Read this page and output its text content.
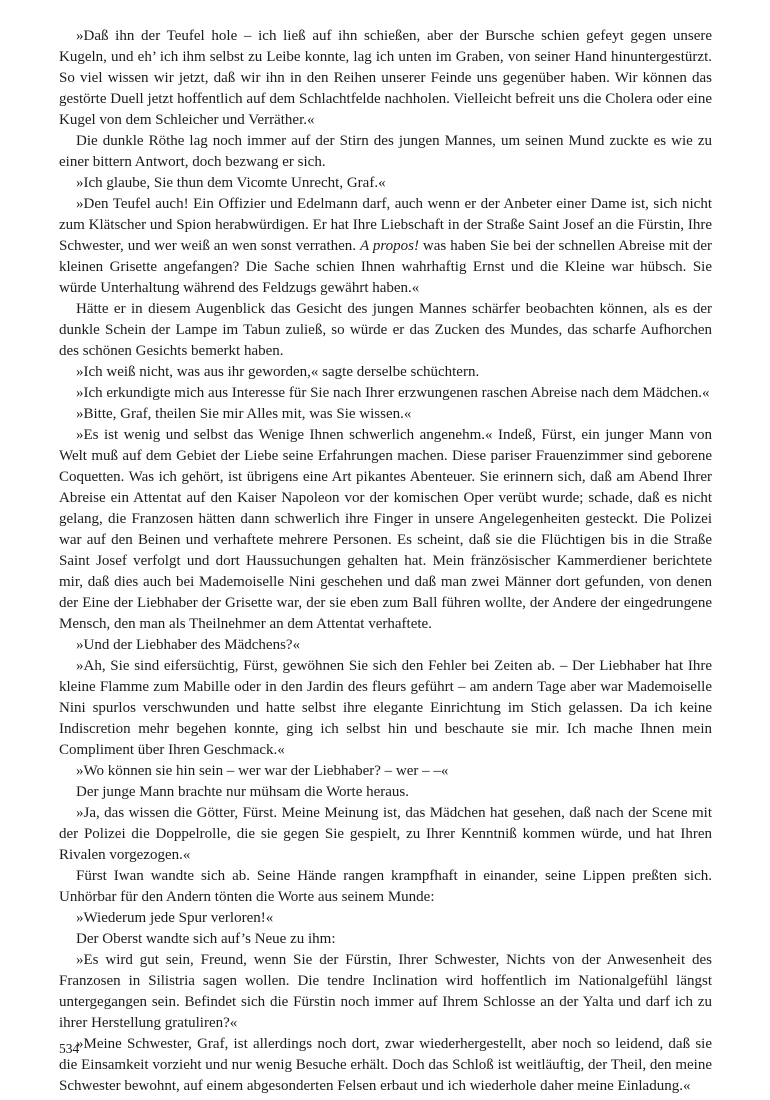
»Daß ihn der Teufel hole – ich ließ auf ihn schießen, aber der Bursche schien gefeyt gegen unsere Kugeln, und eh’ ich ihm selbst zu Leibe konnte, lag ich unten im Graben, von seiner Hand hinuntergestürzt. So viel wissen wir jetzt, daß wir ihn in den Reihen unserer Feinde uns gegenüber haben. Wir können das gestörte Duell jetzt hoffentlich auf dem Schlachtfelde nachholen. Vielleicht befreit uns die Cholera oder eine Kugel von dem Schleicher und Verräther.«

Die dunkle Röthe lag noch immer auf der Stirn des jungen Mannes, um seinen Mund zuckte es wie zu einer bittern Antwort, doch bezwang er sich.

»Ich glaube, Sie thun dem Vicomte Unrecht, Graf.«

»Den Teufel auch! Ein Offizier und Edelmann darf, auch wenn er der Anbeter einer Dame ist, sich nicht zum Klätscher und Spion herabwürdigen. Er hat Ihre Liebschaft in der Straße Saint Josef an die Fürstin, Ihre Schwester, und wer weiß an wen sonst verrathen. A propos! was haben Sie bei der schnellen Abreise mit der kleinen Grisette angefangen? Die Sache schien Ihnen wahrhaftig Ernst und die Kleine war hübsch. Sie würde Unterhaltung während des Feldzugs gewährt haben.«

Hätte er in diesem Augenblick das Gesicht des jungen Mannes schärfer beobachten können, als es der dunkle Schein der Lampe im Tabun zuließ, so würde er das Zucken des Mundes, das scharfe Aufhorchen des schönen Gesichts bemerkt haben.

»Ich weiß nicht, was aus ihr geworden,« sagte derselbe schüchtern.

»Ich erkundigte mich aus Interesse für Sie nach Ihrer erzwungenen raschen Abreise nach dem Mädchen.«

»Bitte, Graf, theilen Sie mir Alles mit, was Sie wissen.«

»Es ist wenig und selbst das Wenige Ihnen schwerlich angenehm.« Indeß, Fürst, ein junger Mann von Welt muß auf dem Gebiet der Liebe seine Erfahrungen machen. Diese pariser Frauenzimmer sind geborene Coquetten. Was ich gehört, ist übrigens eine Art pikantes Abenteuer. Sie erinnern sich, daß am Abend Ihrer Abreise ein Attentat auf den Kaiser Napoleon vor der komischen Oper verübt wurde; schade, daß es nicht gelang, die Franzosen hätten dann schwerlich ihre Finger in unsere Angelegenheiten gesteckt. Die Polizei war auf den Beinen und verhaftete mehrere Personen. Es scheint, daß sie die Flüchtigen bis in die Straße Saint Josef verfolgt und dort Haussuchungen gehalten hat. Mein fränzösischer Kammerdiener berichtete mir, daß dies auch bei Mademoiselle Nini geschehen und daß man zwei Männer dort gefunden, von denen der Eine der Liebhaber der Grisette war, der sie eben zum Ball führen wollte, der Andere der eingedrungene Mensch, den man als Theilnehmer an dem Attentat verhaftete.

»Und der Liebhaber des Mädchens?«

»Ah, Sie sind eifersüchtig, Fürst, gewöhnen Sie sich den Fehler bei Zeiten ab. – Der Liebhaber hat Ihre kleine Flamme zum Mabille oder in den Jardin des fleurs geführt – am andern Tage aber war Mademoiselle Nini spurlos verschwunden und hatte selbst ihre elegante Einrichtung im Stich gelassen. Da ich keine Indiscretion mehr begehen konnte, ging ich selbst hin und beschaute sie mir. Ich mache Ihnen mein Compliment über Ihren Geschmack.«

»Wo können sie hin sein – wer war der Liebhaber? – wer – –«

Der junge Mann brachte nur mühsam die Worte heraus.

»Ja, das wissen die Götter, Fürst. Meine Meinung ist, das Mädchen hat gesehen, daß nach der Scene mit der Polizei die Doppelrolle, die sie gegen Sie gespielt, zu Ihrer Kenntniß kommen würde, und hat Ihren Rivalen vorgezogen.«

Fürst Iwan wandte sich ab. Seine Hände rangen krampfhaft in einander, seine Lippen preßten sich. Unhörbar für den Andern tönten die Worte aus seinem Munde:

»Wiederum jede Spur verloren!«

Der Oberst wandte sich auf’s Neue zu ihm:

»Es wird gut sein, Freund, wenn Sie der Fürstin, Ihrer Schwester, Nichts von der Anwesenheit des Franzosen in Silistria sagen wollen. Die tendre Inclination wird hoffentlich im Nationalgefühl längst untergegangen sein. Befindet sich die Fürstin noch immer auf Ihrem Schlosse an der Yalta und darf ich zu ihrer Herstellung gratuliren?«

»Meine Schwester, Graf, ist allerdings noch dort, zwar wiederhergestellt, aber noch so leidend, daß sie die Einsamkeit vorzieht und nur wenig Besuche erhält. Doch das Schloß ist weitläuftig, der Theil, den meine Schwester bewohnt, auf einem abgesonderten Felsen erbaut und ich wiederhole daher meine Einladung.«

534
